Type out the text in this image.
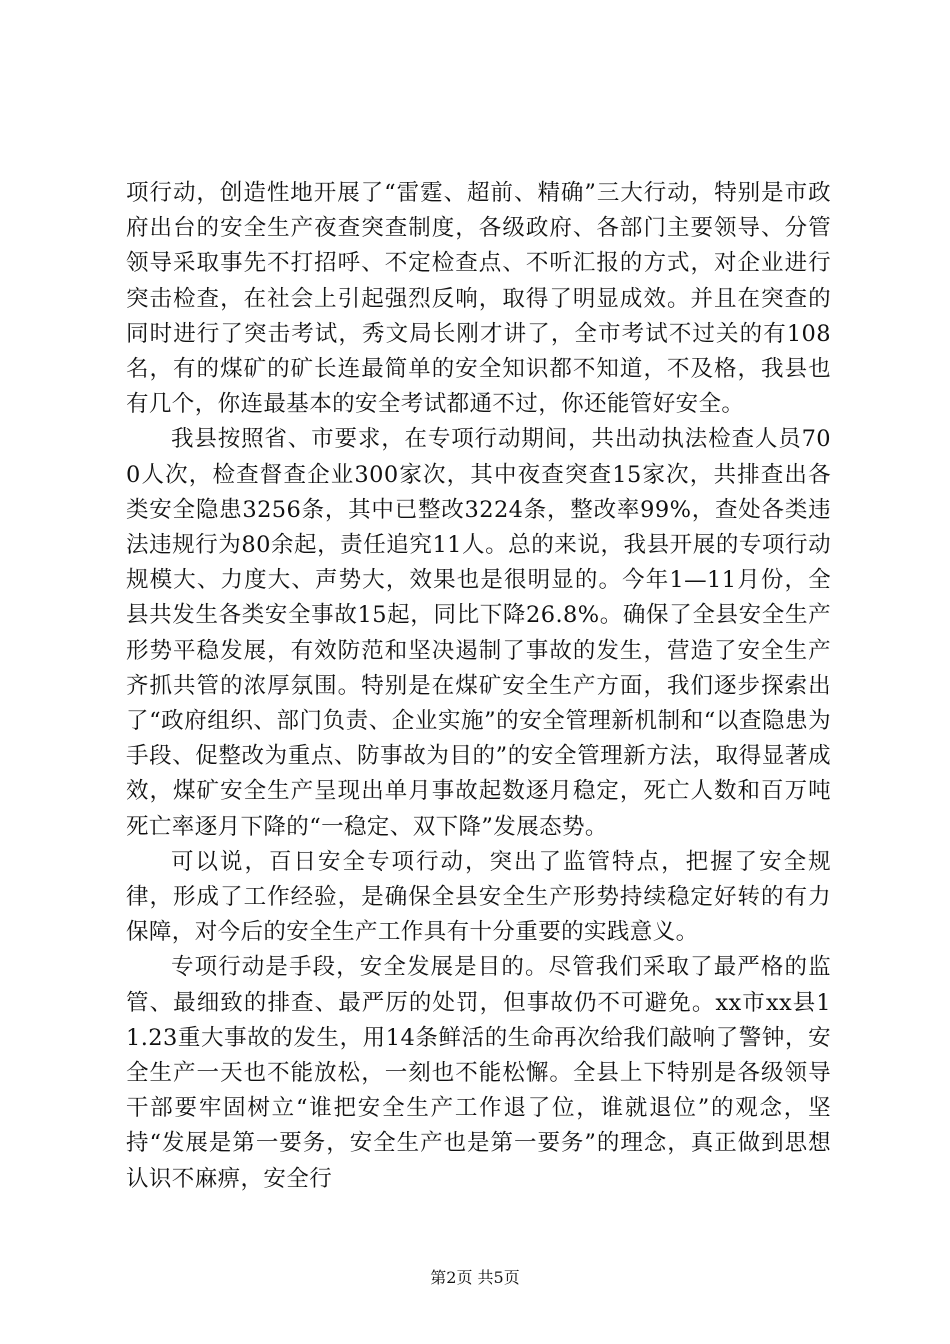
项行动，创造性地开展了“雷霆、超前、精确”三大行动，特别是市政府出台的安全生产夜查突查制度，各级政府、各部门主要领导、分管领导采取事先不打招呼、不定检查点、不听汇报的方式，对企业进行突击检查，在社会上引起强烈反响，取得了明显成效。并且在突查的同时进行了突击考试，秀文局长刚才讲了，全市考试不过关的有108名，有的煤矿的矿长连最简单的安全知识都不知道，不及格，我县也有几个，你连最基本的安全考试都通不过，你还能管好安全。

我县按照省、市要求，在专项行动期间，共出动执法检查人员700人次，检查督查企业300家次，其中夜查突查15家次，共排查出各类安全隐患3256条，其中已整改3224条，整改率99%，查处各类违法违规行为80余起，责任追究11人。总的来说，我县开展的专项行动规模大、力度大、声势大，效果也是很明显的。今年1—11月份，全县共发生各类安全事故15起，同比下降26.8%。确保了全县安全生产形势平稳发展，有效防范和坚决遏制了事故的发生，营造了安全生产齐抓共管的浓厚氛围。特别是在煤矿安全生产方面，我们逐步探索出了“政府组织、部门负责、企业实施”的安全管理新机制和“以查隐患为手段、促整改为重点、防事故为目的”的安全管理新方法，取得显著成效，煤矿安全生产呈现出单月事故起数逐月稳定，死亡人数和百万吨死亡率逐月下降的“一稳定、双下降”发展态势。

可以说，百日安全专项行动，突出了监管特点，把握了安全规律，形成了工作经验，是确保全县安全生产形势持续稳定好转的有力保障，对今后的安全生产工作具有十分重要的实践意义。

专项行动是手段，安全发展是目的。尽管我们采取了最严格的监管、最细致的排查、最严厉的处罚，但事故仍不可避免。xx市xx县11.23重大事故的发生，用14条鲜活的生命再次给我们敲响了警钟，安全生产一天也不能放松，一刻也不能松懈。全县上下特别是各级领导干部要牢固树立“谁把安全生产工作退了位，谁就退位”的观念，坚持“发展是第一要务，安全生产也是第一要务”的理念，真正做到思想认识不麻痹，安全行

第2页 共5页
